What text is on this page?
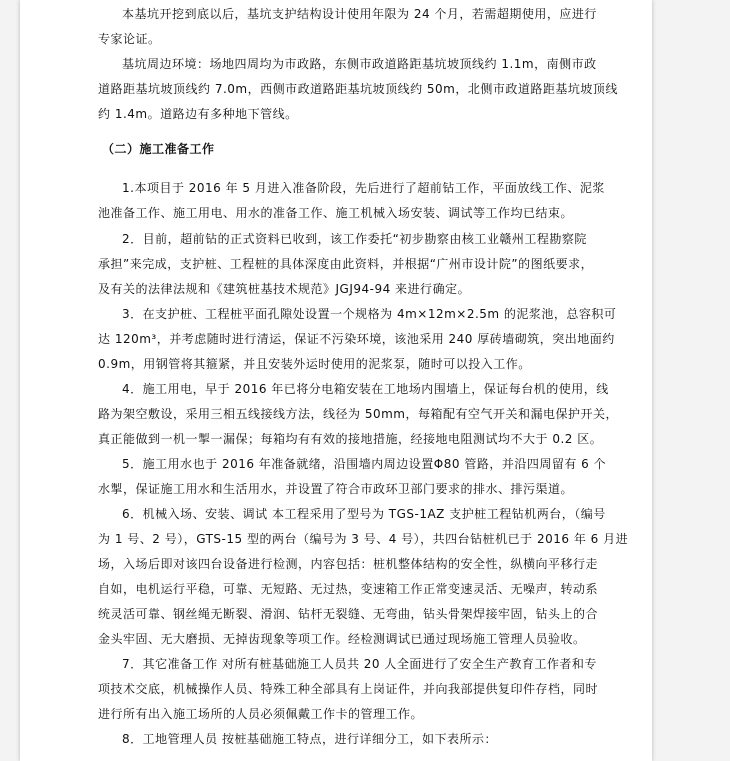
本基坑开挖到底以后，基坑支护结构设计使用年限为 24 个月，若需超期使用，应进行
专家论证。
基坑周边环境：场地四周均为市政路，东侧市政道路距基坑坡顶线约 1.1m，南侧市政
道路距基坑坡顶线约 7.0m，西侧市政道路距基坑坡顶线约 50m，北侧市政道路距基坑坡顶线
约 1.4m。道路边有多种地下管线。
（二）施工准备工作
1.本项目于 2016 年 5 月进入准备阶段，先后进行了超前钻工作，平面放线工作、泥浆
池准备工作、施工用电、用水的准备工作、施工机械入场安装、调试等工作均已结束。
2．目前，超前钻的正式资料已收到，该工作委托“初步勘察由核工业赣州工程勘察院
承担”来完成，支护桩、工程桩的具体深度由此资料，并根据“广州市设计院”的图纸要求，
及有关的法律法规和《建筑桩基技术规范》JGJ94-94 来进行确定。
3．在支护桩、工程桩平面孔隙处设置一个规格为 4m×12m×2.5m 的泥浆池，总容积可
达 120m³，并考虑随时进行清运，保证不污染环境，该池采用 240 厚砖墙砌筑，突出地面约
0.9m，用钢管将其箍紧，并且安装外运时使用的泥浆泵，随时可以投入工作。
4．施工用电，早于 2016 年已将分电箱安装在工地场内围墙上，保证每台机的使用，线
路为架空敷设，采用三相五线接线方法，线径为 50mm，每箱配有空气开关和漏电保护开关，
真正能做到一机一掣一漏保；每箱均有有效的接地措施，经接地电阻测试均不大于 0.2 区。
5．施工用水也于 2016 年准备就绪，沿围墙内周边设置Φ80 管路，并沿四周留有 6 个
水掣，保证施工用水和生活用水，并设置了符合市政环卫部门要求的排水、排污渠道。
6．机械入场、安装、调试 本工程采用了型号为 TGS-1AZ 支护桩工程钻机两台，（编号
为 1 号、2 号），GTS-15 型的两台（编号为 3 号、4 号），共四台钻桩机已于 2016 年 6 月进
场，入场后即对该四台设备进行检测，内容包括：桩机整体结构的安全性，纵横向平移行走
自如，电机运行平稳，可靠、无短路、无过热，变速箱工作正常变速灵活、无噪声，转动系
统灵活可靠、钢丝绳无断裂、滑润、钻杆无裂缝、无弯曲，钻头骨架焊接牢固，钻头上的合
金头牢固、无大磨损、无掉齿现象等项工作。经检测调试已通过现场施工管理人员验收。
7．其它准备工作 对所有桩基础施工人员共 20 人全面进行了安全生产教育工作者和专
项技术交底，机械操作人员、特殊工种全部具有上岗证件，并向我部提供复印件存档，同时
进行所有出入施工场所的人员必须佩戴工作卡的管理工作。
8．工地管理人员 按桩基础施工特点，进行详细分工，如下表所示：
